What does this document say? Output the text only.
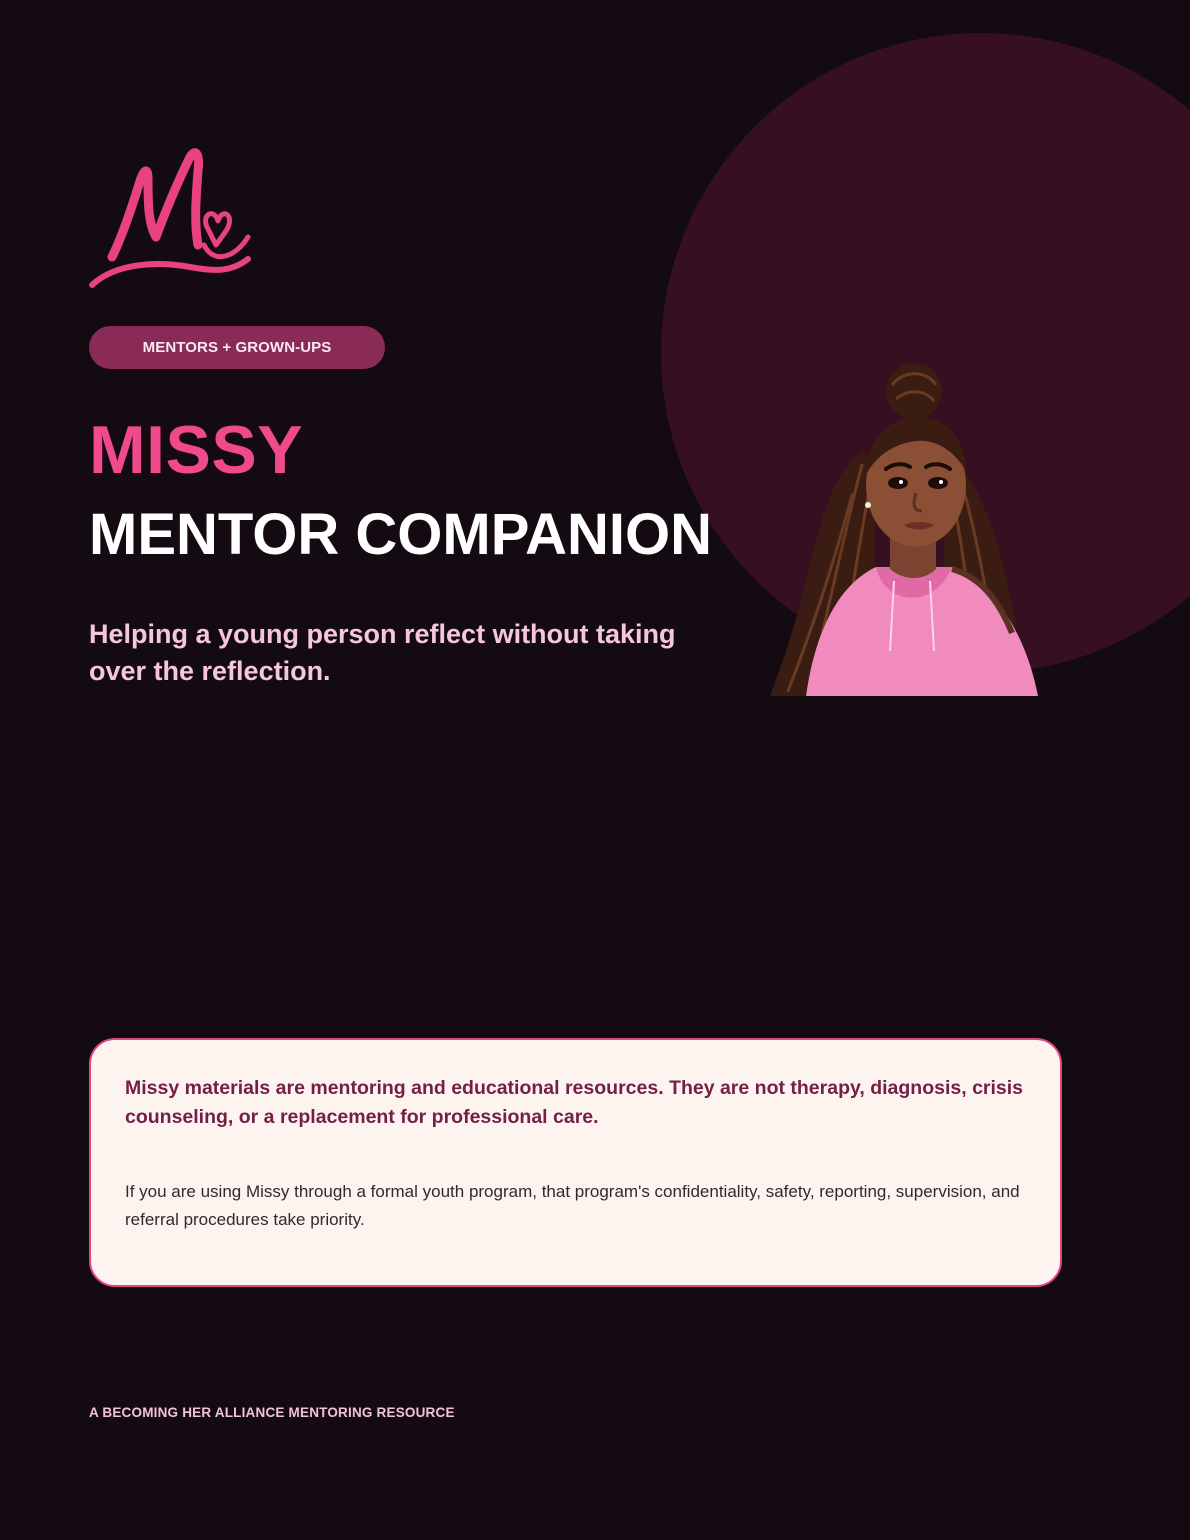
MENTORS + GROWN-UPS
MISSY
MENTOR COMPANION

Helping a young person reflect without taking over the reflection.

Missy materials are mentoring and educational resources. They are not therapy, diagnosis, crisis counseling, or a replacement for professional care.

If you are using Missy through a formal youth program, that program's confidentiality, safety, reporting, supervision, and referral procedures take priority.

A BECOMING HER ALLIANCE MENTORING RESOURCE
